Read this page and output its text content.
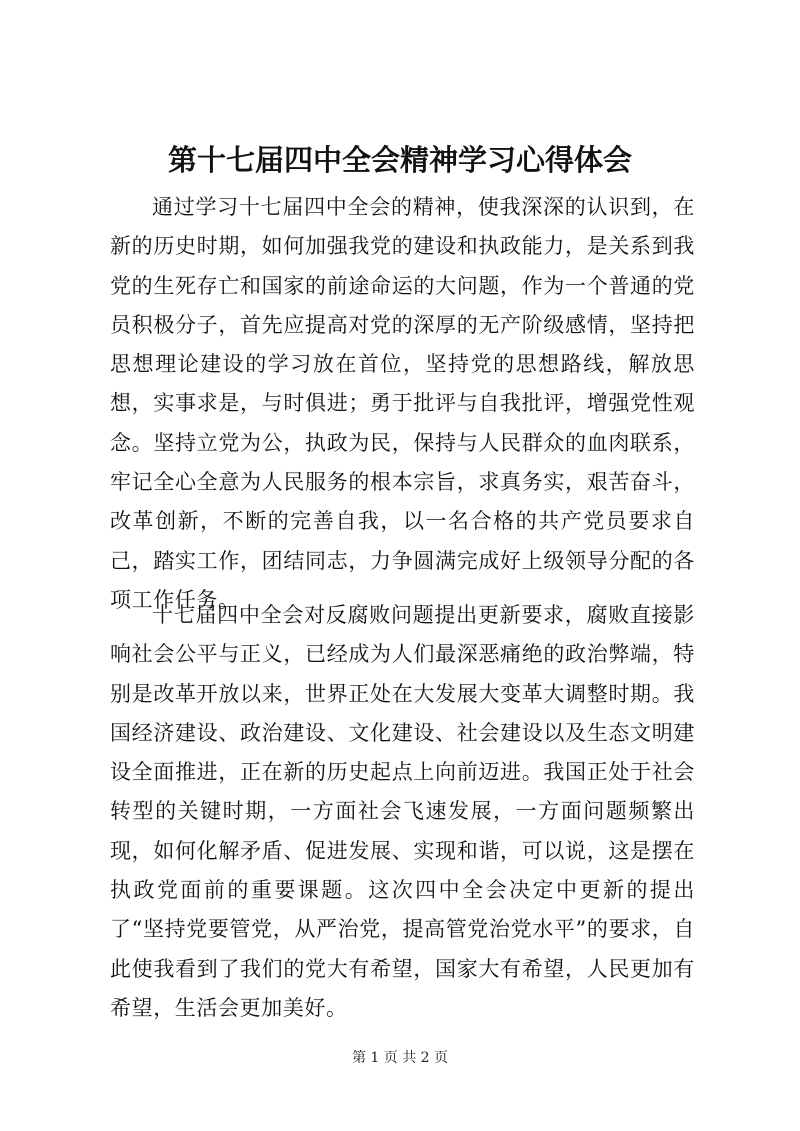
第十七届四中全会精神学习心得体会

通过学习十七届四中全会的精神，使我深深的认识到，在新的历史时期，如何加强我党的建设和执政能力，是关系到我党的生死存亡和国家的前途命运的大问题，作为一个普通的党员积极分子，首先应提高对党的深厚的无产阶级感情，坚持把思想理论建设的学习放在首位，坚持党的思想路线，解放思想，实事求是，与时俱进；勇于批评与自我批评，增强党性观念。坚持立党为公，执政为民，保持与人民群众的血肉联系，牢记全心全意为人民服务的根本宗旨，求真务实，艰苦奋斗，改革创新，不断的完善自我，以一名合格的共产党员要求自己，踏实工作，团结同志，力争圆满完成好上级领导分配的各项工作任务。

十七届四中全会对反腐败问题提出更新要求，腐败直接影响社会公平与正义，已经成为人们最深恶痛绝的政治弊端，特别是改革开放以来，世界正处在大发展大变革大调整时期。我国经济建设、政治建设、文化建设、社会建设以及生态文明建设全面推进，正在新的历史起点上向前迈进。我国正处于社会转型的关键时期，一方面社会飞速发展，一方面问题频繁出现，如何化解矛盾、促进发展、实现和谐，可以说，这是摆在执政党面前的重要课题。这次四中全会决定中更新的提出了“坚持党要管党，从严治党，提高管党治党水平”的要求，自此使我看到了我们的党大有希望，国家大有希望，人民更加有希望，生活会更加美好。

第 1 页 共 2 页
